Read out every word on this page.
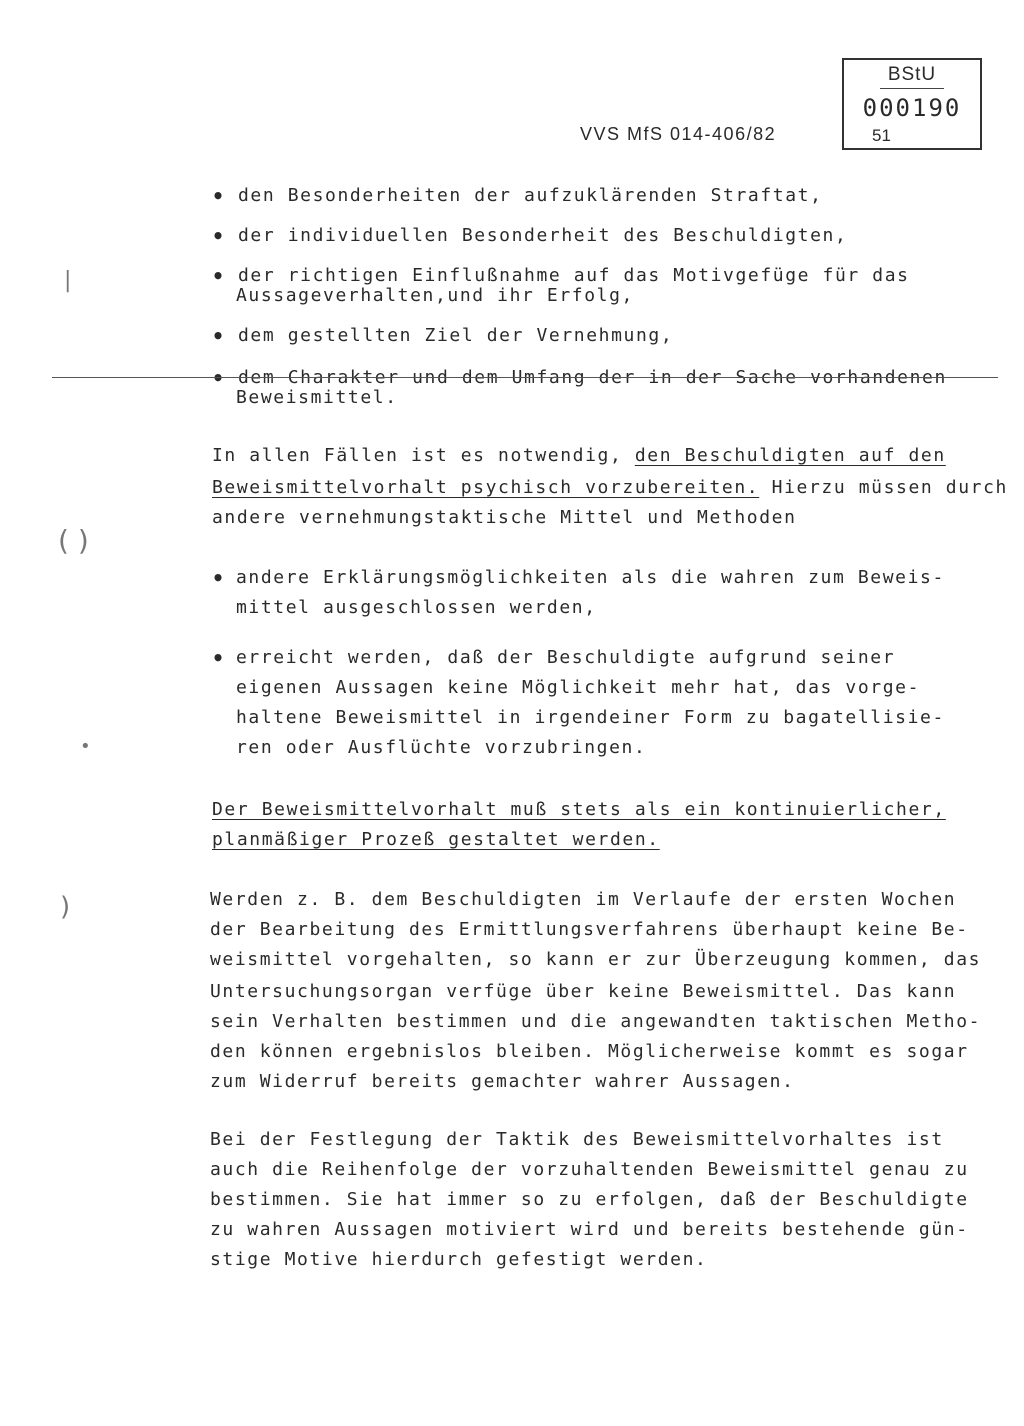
BStU
000190
51
VVS MfS 014-406/82
• den Besonderheiten der aufzuklärenden Straftat,
• der individuellen Besonderheit des Beschuldigten,
• der richtigen Einflußnahme auf das Motivgefüge für das
Aussageverhalten,und ihr Erfolg,
• dem gestellten Ziel der Vernehmung,
• dem Charakter und dem Umfang der in der Sache vorhandenen
Beweismittel.
In allen Fällen ist es notwendig, den Beschuldigten auf den
Beweismittelvorhalt psychisch vorzubereiten. Hierzu müssen durch
andere vernehmungstaktische Mittel und Methoden
• andere Erklärungsmöglichkeiten als die wahren zum Beweis-
mittel ausgeschlossen werden,
• erreicht werden, daß der Beschuldigte aufgrund seiner
eigenen Aussagen keine Möglichkeit mehr hat, das vorge-
haltene Beweismittel in irgendeiner Form zu bagatellisie-
ren oder Ausflüchte vorzubringen.
Der Beweismittelvorhalt muß stets als ein kontinuierlicher,
planmäßiger Prozeß gestaltet werden.
Werden z. B. dem Beschuldigten im Verlaufe der ersten Wochen
der Bearbeitung des Ermittlungsverfahrens überhaupt keine Be-
weismittel vorgehalten, so kann er zur Überzeugung kommen, das
Untersuchungsorgan verfüge über keine Beweismittel. Das kann
sein Verhalten bestimmen und die angewandten taktischen Metho-
den können ergebnislos bleiben. Möglicherweise kommt es sogar
zum Widerruf bereits gemachter wahrer Aussagen.
Bei der Festlegung der Taktik des Beweismittelvorhaltes ist
auch die Reihenfolge der vorzuhaltenden Beweismittel genau zu
bestimmen. Sie hat immer so zu erfolgen, daß der Beschuldigte
zu wahren Aussagen motiviert wird und bereits bestehende gün-
stige Motive hierdurch gefestigt werden.
( )
|
)
•
